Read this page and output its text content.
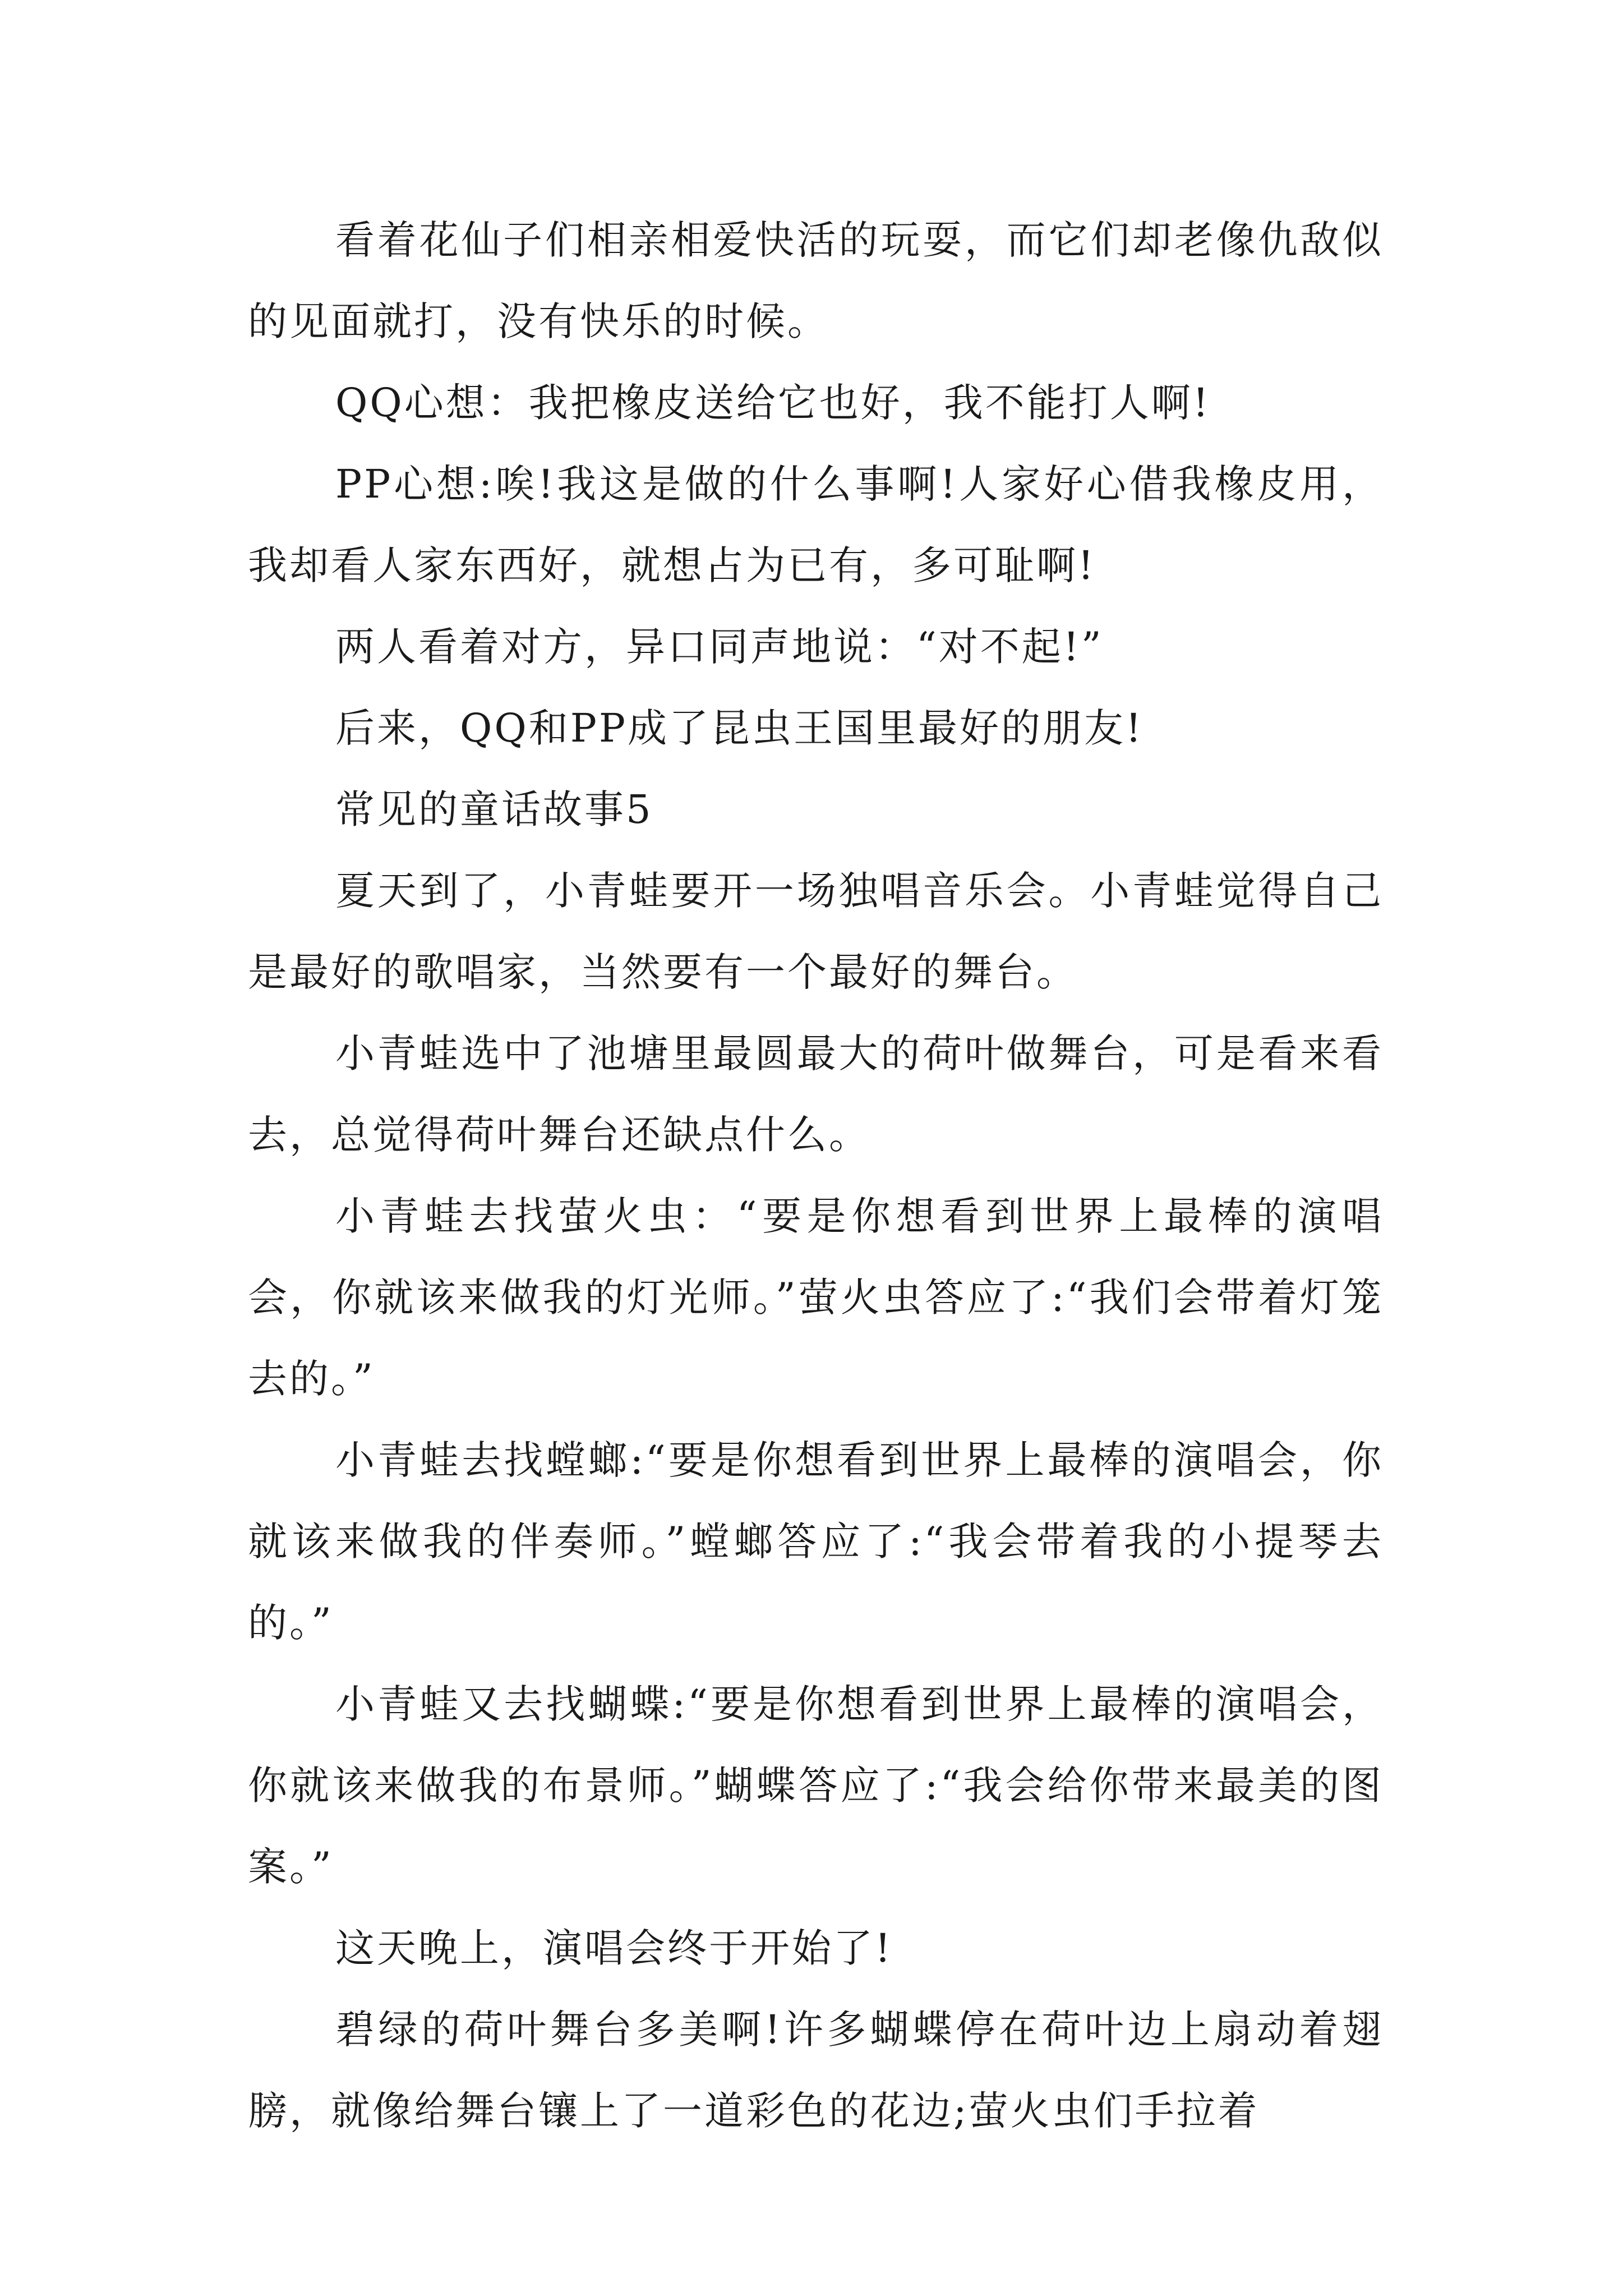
看着花仙子们相亲相爱快活的玩耍，而它们却老像仇敌似的见面就打，没有快乐的时候。

QQ心想：我把橡皮送给它也好，我不能打人啊!

PP心想:唉!我这是做的什么事啊!人家好心借我橡皮用，我却看人家东西好，就想占为已有，多可耻啊!

两人看着对方，异口同声地说：“对不起!”

后来，QQ和PP成了昆虫王国里最好的朋友!

常见的童话故事5

夏天到了，小青蛙要开一场独唱音乐会。小青蛙觉得自己是最好的歌唱家，当然要有一个最好的舞台。

小青蛙选中了池塘里最圆最大的荷叶做舞台，可是看来看去，总觉得荷叶舞台还缺点什么。

小青蛙去找萤火虫：“要是你想看到世界上最棒的演唱会，你就该来做我的灯光师。”萤火虫答应了:“我们会带着灯笼去的。”

小青蛙去找螳螂:“要是你想看到世界上最棒的演唱会，你就该来做我的伴奏师。”螳螂答应了:“我会带着我的小提琴去的。”

小青蛙又去找蝴蝶:“要是你想看到世界上最棒的演唱会，你就该来做我的布景师。”蝴蝶答应了:“我会给你带来最美的图案。”

这天晚上，演唱会终于开始了!

碧绿的荷叶舞台多美啊!许多蝴蝶停在荷叶边上扇动着翅膀，就像给舞台镶上了一道彩色的花边;萤火虫们手拉着
